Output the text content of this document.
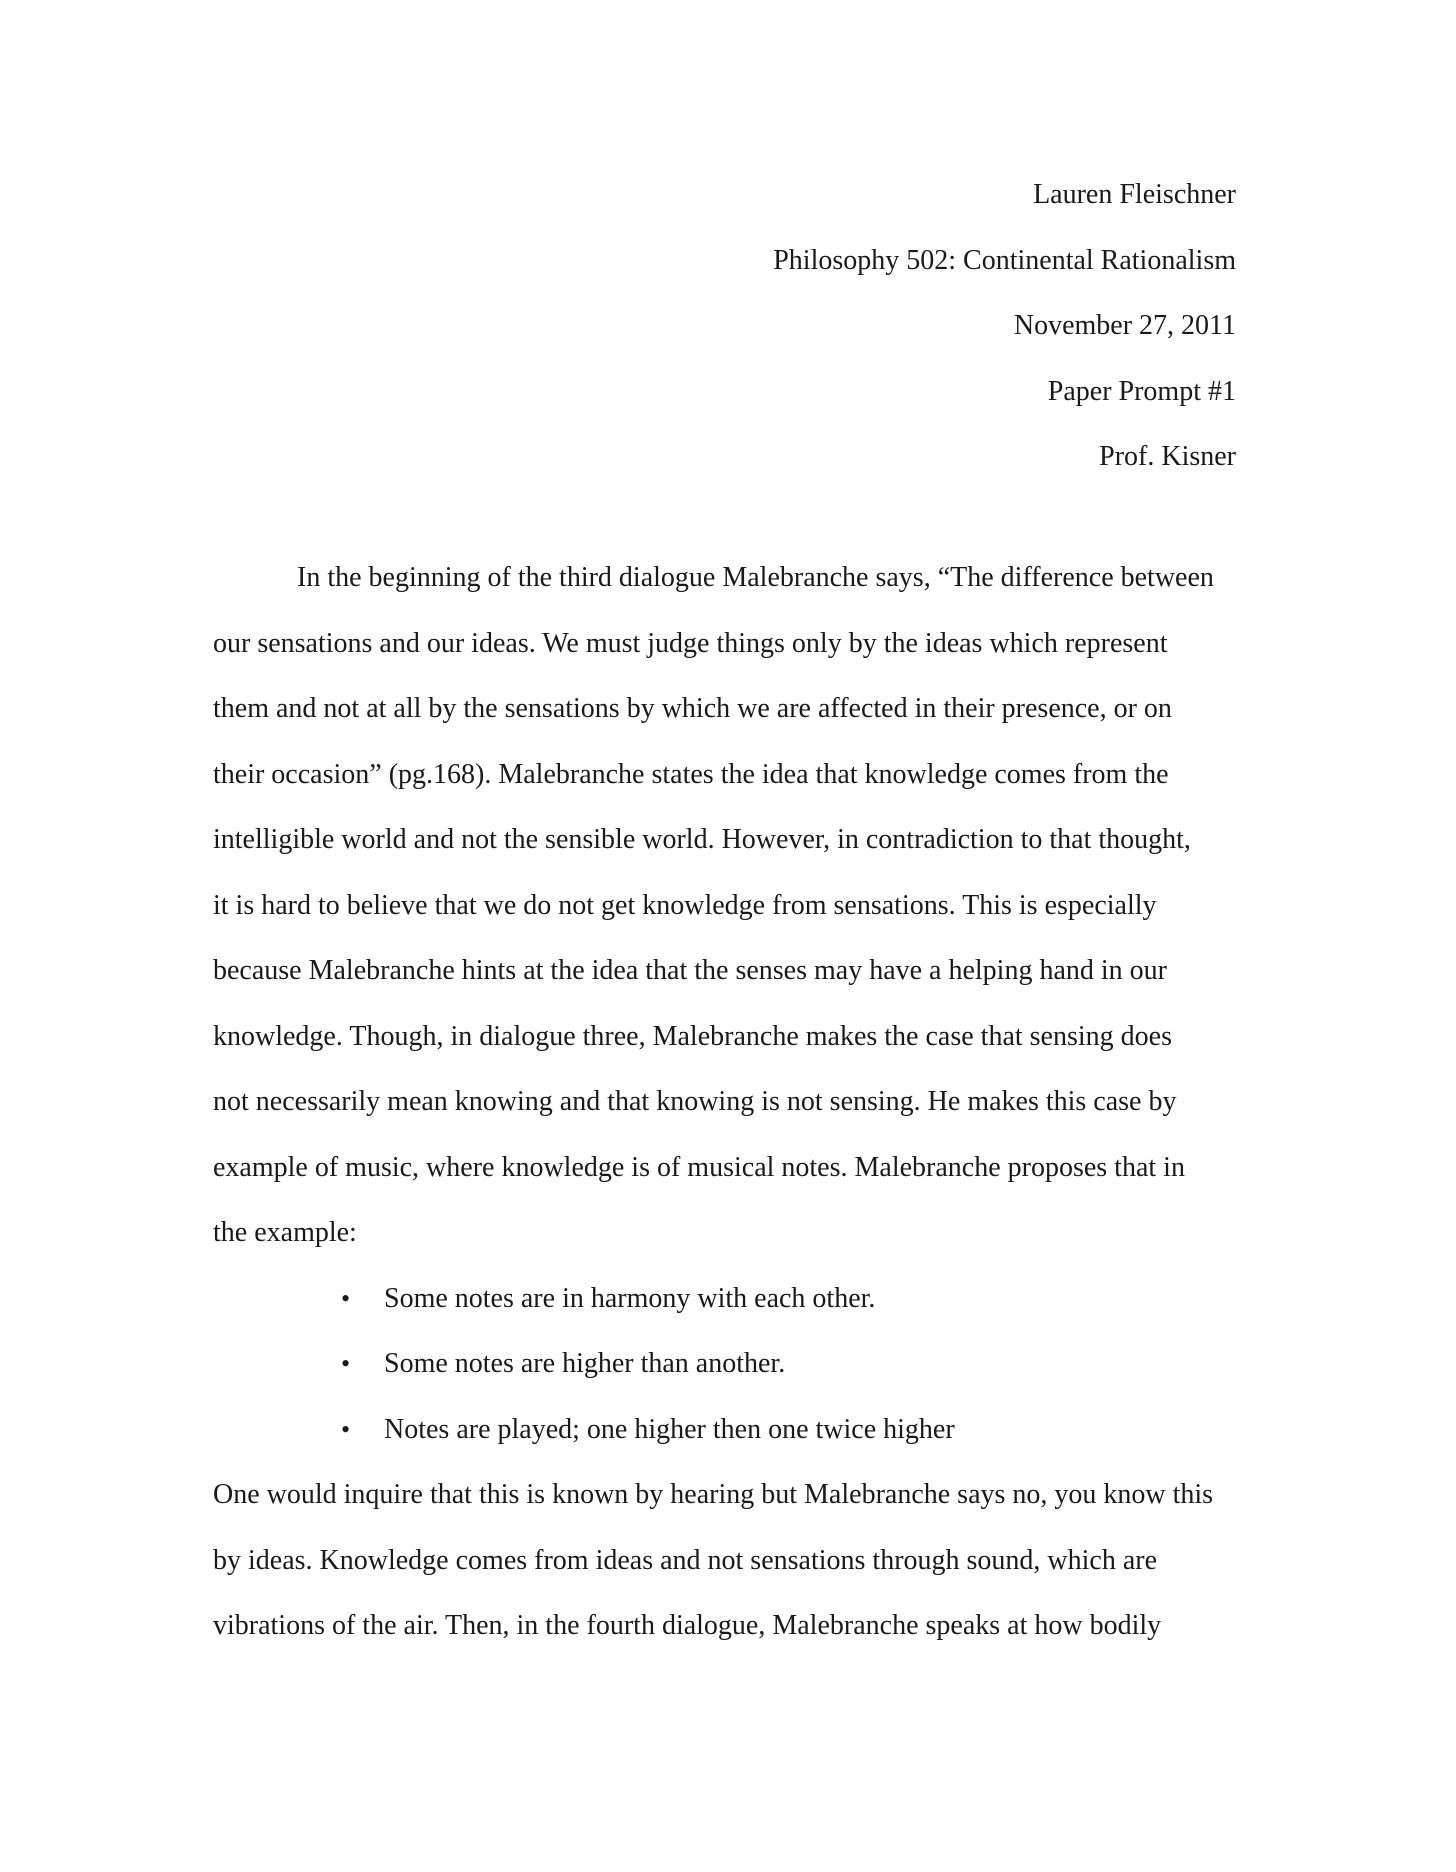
Lauren Fleischner
Philosophy 502: Continental Rationalism
November 27, 2011
Paper Prompt #1
Prof. Kisner
In the beginning of the third dialogue Malebranche says, “The difference between
our sensations and our ideas. We must judge things only by the ideas which represent
them and not at all by the sensations by which we are affected in their presence, or on
their occasion” (pg.168). Malebranche states the idea that knowledge comes from the
intelligible world and not the sensible world. However, in contradiction to that thought,
it is hard to believe that we do not get knowledge from sensations. This is especially
because Malebranche hints at the idea that the senses may have a helping hand in our
knowledge. Though, in dialogue three, Malebranche makes the case that sensing does
not necessarily mean knowing and that knowing is not sensing. He makes this case by
example of music, where knowledge is of musical notes. Malebranche proposes that in
the example:
• Some notes are in harmony with each other.
• Some notes are higher than another.
• Notes are played; one higher then one twice higher
One would inquire that this is known by hearing but Malebranche says no, you know this
by ideas. Knowledge comes from ideas and not sensations through sound, which are
vibrations of the air. Then, in the fourth dialogue, Malebranche speaks at how bodily
